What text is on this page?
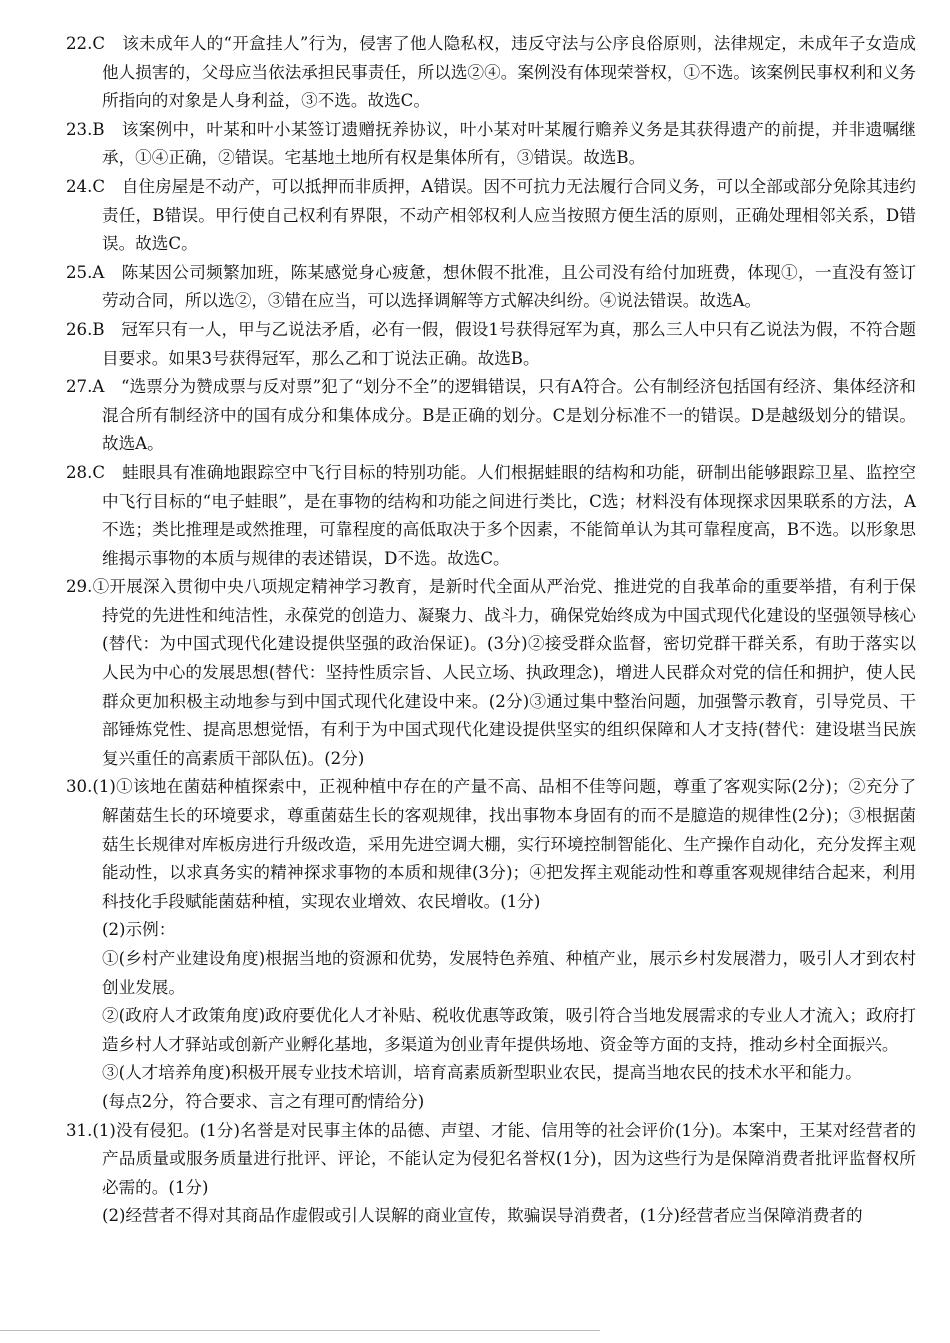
22.C　该未成年人的“开盒挂人”行为，侵害了他人隐私权，违反守法与公序良俗原则，法律规定，未成年子女造成他人损害的，父母应当依法承担民事责任，所以选②④。案例没有体现荣誉权，①不选。该案例民事权利和义务所指向的对象是人身利益，③不选。故选C。

23.B　该案例中，叶某和叶小某签订遗赠抚养协议，叶小某对叶某履行赡养义务是其获得遗产的前提，并非遗嘱继承，①④正确，②错误。宅基地土地所有权是集体所有，③错误。故选B。

24.C　自住房屋是不动产，可以抵押而非质押，A错误。因不可抗力无法履行合同义务，可以全部或部分免除其违约责任，B错误。甲行使自己权利有界限，不动产相邻权利人应当按照方便生活的原则，正确处理相邻关系，D错误。故选C。

25.A　陈某因公司频繁加班，陈某感觉身心疲惫，想休假不批准，且公司没有给付加班费，体现①，一直没有签订劳动合同，所以选②，③错在应当，可以选择调解等方式解决纠纷。④说法错误。故选A。

26.B　冠军只有一人，甲与乙说法矛盾，必有一假，假设1号获得冠军为真，那么三人中只有乙说法为假，不符合题目要求。如果3号获得冠军，那么乙和丁说法正确。故选B。

27.A　“选票分为赞成票与反对票”犯了“划分不全”的逻辑错误，只有A符合。公有制经济包括国有经济、集体经济和混合所有制经济中的国有成分和集体成分。B是正确的划分。C是划分标准不一的错误。D是越级划分的错误。故选A。

28.C　蛙眼具有准确地跟踪空中飞行目标的特别功能。人们根据蛙眼的结构和功能，研制出能够跟踪卫星、监控空中飞行目标的“电子蛙眼”，是在事物的结构和功能之间进行类比，C选；材料没有体现探求因果联系的方法，A不选；类比推理是或然推理，可靠程度的高低取决于多个因素，不能简单认为其可靠程度高，B不选。以形象思维揭示事物的本质与规律的表述错误，D不选。故选C。

29.①开展深入贯彻中央八项规定精神学习教育，是新时代全面从严治党、推进党的自我革命的重要举措，有利于保持党的先进性和纯洁性，永葆党的创造力、凝聚力、战斗力，确保党始终成为中国式现代化建设的坚强领导核心(替代：为中国式现代化建设提供坚强的政治保证)。(3分)②接受群众监督，密切党群干群关系，有助于落实以人民为中心的发展思想(替代：坚持性质宗旨、人民立场、执政理念)，增进人民群众对党的信任和拥护，使人民群众更加积极主动地参与到中国式现代化建设中来。(2分)③通过集中整治问题，加强警示教育，引导党员、干部锤炼党性、提高思想觉悟，有利于为中国式现代化建设提供坚实的组织保障和人才支持(替代：建设堪当民族复兴重任的高素质干部队伍)。(2分)

30.(1)①该地在菌菇种植探索中，正视种植中存在的产量不高、品相不佳等问题，尊重了客观实际(2分)；②充分了解菌菇生长的环境要求，尊重菌菇生长的客观规律，找出事物本身固有的而不是臆造的规律性(2分)；③根据菌菇生长规律对库板房进行升级改造，采用先进空调大棚，实行环境控制智能化、生产操作自动化，充分发挥主观能动性，以求真务实的精神探求事物的本质和规律(3分)；④把发挥主观能动性和尊重客观规律结合起来，利用科技化手段赋能菌菇种植，实现农业增效、农民增收。(1分)

(2)示例：

①(乡村产业建设角度)根据当地的资源和优势，发展特色养殖、种植产业，展示乡村发展潜力，吸引人才到农村创业发展。

②(政府人才政策角度)政府要优化人才补贴、税收优惠等政策，吸引符合当地发展需求的专业人才流入；政府打造乡村人才驿站或创新产业孵化基地，多渠道为创业青年提供场地、资金等方面的支持，推动乡村全面振兴。

③(人才培养角度)积极开展专业技术培训，培育高素质新型职业农民，提高当地农民的技术水平和能力。

(每点2分，符合要求、言之有理可酌情给分)

31.(1)没有侵犯。(1分)名誉是对民事主体的品德、声望、才能、信用等的社会评价(1分)。本案中，王某对经营者的产品质量或服务质量进行批评、评论，不能认定为侵犯名誉权(1分)，因为这些行为是保障消费者批评监督权所必需的。(1分)

(2)经营者不得对其商品作虚假或引人误解的商业宣传，欺骗误导消费者，(1分)经营者应当保障消费者的
